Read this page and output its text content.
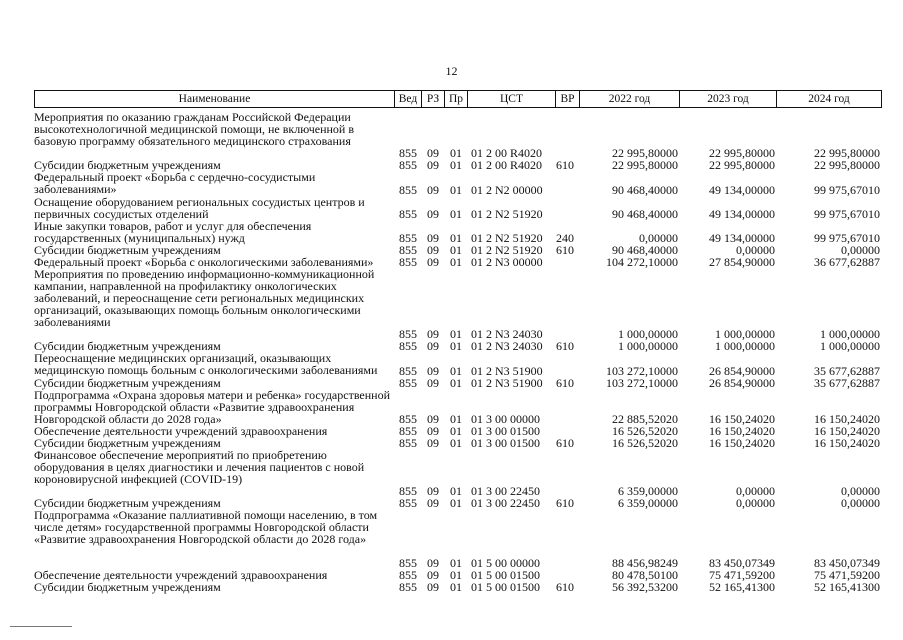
12
Наименование	Вед РЗ Пр	ЦСТ	ВР	2022 год	2023 год	2024 год
Мероприятия по оказанию гражданам Российской Федерации высокотехнологичной медицинской помощи, не включенной в базовую программу обязательного медицинского страхования
855 09 01 01 2 00 R4020	22 995,80000	22 995,80000	22 995,80000
Субсидии бюджетным учреждениям	855 09 01 01 2 00 R4020	610	22 995,80000	22 995,80000	22 995,80000
Федеральный проект «Борьба с сердечно-сосудистыми заболеваниями»	855 09 01 01 2 N2 00000	90 468,40000	49 134,00000	99 975,67010
Оснащение оборудованием региональных сосудистых центров и первичных сосудистых отделений	855 09 01 01 2 N2 51920	90 468,40000	49 134,00000	99 975,67010
Иные закупки товаров, работ и услуг для обеспечения государственных (муниципальных) нужд	855 09 01 01 2 N2 51920	240	0,00000	49 134,00000	99 975,67010
Субсидии бюджетным учреждениям	855 09 01 01 2 N2 51920	610	90 468,40000	0,00000	0,00000
Федеральный проект «Борьба с онкологическими заболеваниями»	855 09 01 01 2 N3 00000	104 272,10000	27 854,90000	36 677,62887
Мероприятия по проведению информационно-коммуникационной кампании, направленной на профилактику онкологических заболеваний, и переоснащение сети региональных медицинских организаций, оказывающих помощь больным онкологическими заболеваниями
855 09 01 01 2 N3 24030	1 000,00000	1 000,00000	1 000,00000
Субсидии бюджетным учреждениям	855 09 01 01 2 N3 24030	610	1 000,00000	1 000,00000	1 000,00000
Переоснащение медицинских организаций, оказывающих медицинскую помощь больным с онкологическими заболеваниями	855 09 01 01 2 N3 51900	103 272,10000	26 854,90000	35 677,62887
Субсидии бюджетным учреждениям	855 09 01 01 2 N3 51900	610	103 272,10000	26 854,90000	35 677,62887
Подпрограмма «Охрана здоровья матери и ребенка» государственной программы Новгородской области «Развитие здравоохранения Новгородской области до 2028 года»	855 09 01 01 3 00 00000	22 885,52020	16 150,24020	16 150,24020
Обеспечение деятельности учреждений здравоохранения	855 09 01 01 3 00 01500	16 526,52020	16 150,24020	16 150,24020
Субсидии бюджетным учреждениям	855 09 01 01 3 00 01500	610	16 526,52020	16 150,24020	16 150,24020
Финансовое обеспечение мероприятий по приобретению оборудования в целях диагностики и лечения пациентов с новой короновирусной инфекцией (COVID-19)
855 09 01 01 3 00 22450	6 359,00000	0,00000	0,00000
Субсидии бюджетным учреждениям	855 09 01 01 3 00 22450	610	6 359,00000	0,00000	0,00000
Подпрограмма «Оказание паллиативной помощи населению, в том числе детям» государственной программы Новгородской области «Развитие здравоохранения Новгородской области до 2028 года»
855 09 01 01 5 00 00000	88 456,98249	83 450,07349	83 450,07349
Обеспечение деятельности учреждений здравоохранения	855 09 01 01 5 00 01500	80 478,50100	75 471,59200	75 471,59200
Субсидии бюджетным учреждениям	855 09 01 01 5 00 01500	610	56 392,53200	52 165,41300	52 165,41300
